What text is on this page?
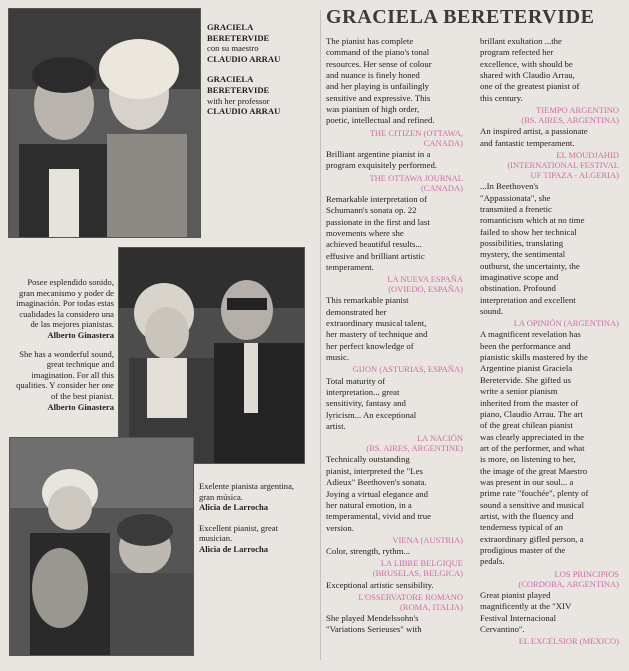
GRACIELA
BERETERVIDE
con su maestro
CLAUDIO ARRAU
GRACIELA
BERETERVIDE
with her professor
CLAUDIO ARRAU
Posee esplendido sonido,
gran mecanismo y poder de
imaginación. Por todas estas
cualidades la considero una
de las mejores pianistas.
Alberto Ginastera
She has a wonderful sound,
great technique and
imagination. For all this
qualities. Y consider her one
of the best pianist.
Alberto Ginastera
Exelente pianista argentina,
gran música.
Alicia de Larrocha
Excellent pianist, great
musician.
Alicia de Larrocha
GRACIELA BERETERVIDE
The pianist has complete
command of the piano's tonal
resources. Her sense of colour
and nuance is finely honed
and her playing is unfailingly
sensitive and expressive. This
was pianism of high order,
poetic, intellectual and refined.
THE CITIZEN (OTTAWA,
CANADA)
Brilliant argentine pianist in a
program exquisitely performed.
THE OTTAWA JOURNAL
(CANADA)
Remarkable interpretation of
Schumann's sonata op. 22
passionate in the first and last
movements where she
achieved beautiful results...
effusive and brilliant artistic
temperament.
LA NUEVA ESPAÑA
(OVIEDO, ESPAÑA)
This remarkable pianist
demonstrated her
extraordinary musical talent,
her mastery of technique and
her perfect knowledge of
music.
GIJON (ASTURIAS, ESPAÑA)
Total maturity of
interpretation... great
sensitivity, fantasy and
lyricism... An exceptional
artist.
LA NACIÓN
(BS. AIRES, ARGENTINE)
Technically outstanding
pianist, interpreted the "Les
Adieux" Beethoven's sonata.
Joying a virtual elegance and
her natural emotion, in a
temperamental, vivid and true
version.
VIENA (AUSTRIA)
Color, strength, rythm...
LA LIBRE BELGIQUE
(BRUSELAS, BELGICA)
Exceptional artistic sensibility.
L'OSSERVATORE ROMANO
(ROMA, ITALIA)
She played Mendelssohn's
"Variations Serieuses" with
brillant exultation ...the
program refected her
excellence, with should be
shared with Claudio Arrau,
one of the greatest pianist of
this century.
TIEMPO ARGENTINO
(BS. AIRES, ARGENTINA)
An inspired artist, a passionate
and fantastic temperament.
EL MOUDJAHID
(INTERNATIONAL FESTIVAL
UF TIPAZA - ALGERIA)
...In Beethoven's
"Appassionata", she
transmited a frenetic
romanticism which at no time
failed to show her technical
possibilities, translating
mystery, the sentimental
outburst, the uncertainty, the
imaginative scope and
obstination. Profound
interpretation and excellent
sound.
LA OPINIÓN (ARGENTINA)
A magnificent revelation has
been the performance and
pianistic skills mastered by the
Argentine pianist Graciela
Beretervide. She gifted us
write a senior pianism
inherited from the master of
piano, Claudio Arrau. The art
of the great chilean pianist
was clearly appreciated in the
art of the performer, and what
is more, on listening to her,
the image of the great Maestro
was present in our soul... a
prime rate "fouchée", plenty of
sound a sensitive and musical
artist, with the fluency and
tenderness typical of an
extraordinary gifled person, a
prodigious master of the
pedals.
LOS PRINCIPIOS
(CORDOBA, ARGENTINA)
Great pianist played
magnificently at the "XIV
Festival Internacional
Cervantino".
EL EXCELSIOR (MEXICO)
